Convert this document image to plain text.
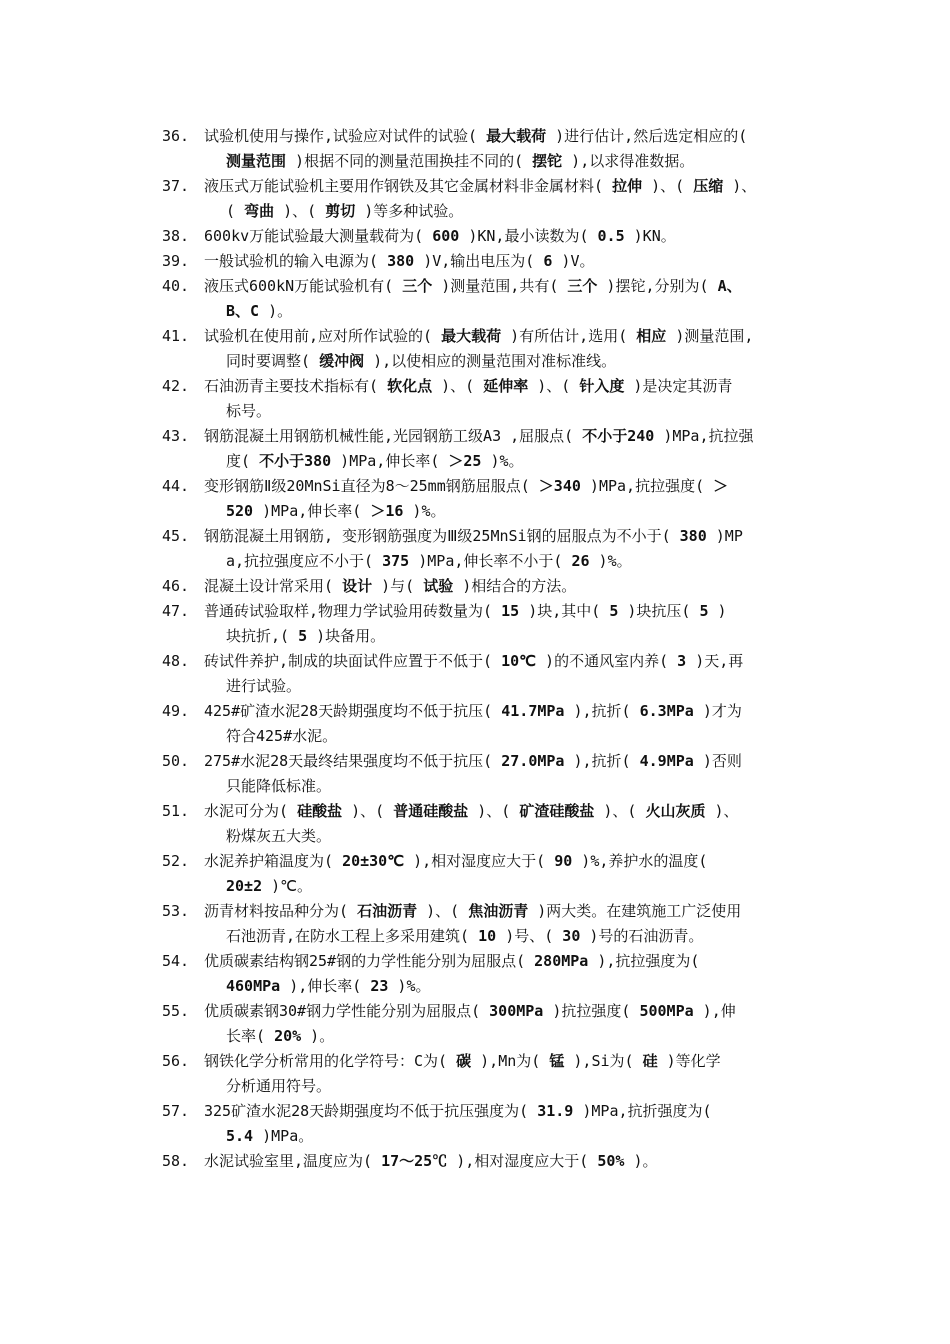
36. 试验机使用与操作,试验应对试件的试验( 最大载荷 )进行估计,然后选定相应的(
测量范围 )根据不同的测量范围换挂不同的( 摆铊 ),以求得准数据。
37. 液压式万能试验机主要用作钢铁及其它金属材料非金属材料( 拉伸 )、( 压缩 )、
( 弯曲 )、( 剪切 )等多种试验。
38. 600kv万能试验最大测量载荷为( 600 )KN,最小读数为( 0.5 )KN。
39. 一般试验机的输入电源为( 380 )V,输出电压为( 6 )V。
40. 液压式600kN万能试验机有( 三个 )测量范围,共有( 三个 )摆铊,分别为( A、
B、C )。
41. 试验机在使用前,应对所作试验的( 最大载荷 )有所估计,选用( 相应 )测量范围,
同时要调整( 缓冲阀 ),以使相应的测量范围对准标准线。
42. 石油沥青主要技术指标有( 软化点 )、( 延伸率 )、( 针入度 )是决定其沥青
标号。
43. 钢筋混凝土用钢筋机械性能,光园钢筋工级A3 ,屈服点( 不小于240 )MPa,抗拉强
度( 不小于380 )MPa,伸长率( ＞25 )%。
44. 变形钢筋Ⅱ级20MnSi直径为8～25mm钢筋屈服点( ＞340 )MPa,抗拉强度( ＞
520 )MPa,伸长率( ＞16 )%。
45. 钢筋混凝土用钢筋, 变形钢筋强度为Ⅲ级25MnSi钢的屈服点为不小于( 380 )MP
a,抗拉强度应不小于( 375 )MPa,伸长率不小于( 26 )%。
46. 混凝土设计常采用( 设计 )与( 试验 )相结合的方法。
47. 普通砖试验取样,物理力学试验用砖数量为( 15 )块,其中( 5 )块抗压( 5 )
块抗折,( 5 )块备用。
48. 砖试件养护,制成的块面试件应置于不低于( 10℃ )的不通风室内养( 3 )天,再
进行试验。
49. 425#矿渣水泥28天龄期强度均不低于抗压( 41.7MPa ),抗折( 6.3MPa )才为
符合425#水泥。
50. 275#水泥28天最终结果强度均不低于抗压( 27.0MPa ),抗折( 4.9MPa )否则
只能降低标准。
51. 水泥可分为( 硅酸盐 )、( 普通硅酸盐 )、( 矿渣硅酸盐 )、( 火山灰质 )、
粉煤灰五大类。
52. 水泥养护箱温度为( 20±30℃ ),相对湿度应大于( 90 )%,养护水的温度(
20±2 )℃。
53. 沥青材料按品种分为( 石油沥青 )、( 焦油沥青 )两大类。在建筑施工广泛使用
石池沥青,在防水工程上多采用建筑( 10 )号、( 30 )号的石油沥青。
54. 优质碳素结构钢25#钢的力学性能分别为屈服点( 280MPa ),抗拉强度为(
460MPa ),伸长率( 23 )%。
55. 优质碳素钢30#钢力学性能分别为屈服点( 300MPa )抗拉强度( 500MPa ),伸
长率( 20% )。
56. 钢铁化学分析常用的化学符号：C为( 碳 ),Mn为( 锰 ),Si为( 硅 )等化学
分析通用符号。
57. 325矿渣水泥28天龄期强度均不低于抗压强度为( 31.9 )MPa,抗折强度为(
5.4 )MPa。
58. 水泥试验室里,温度应为( 17～25℃ ),相对湿度应大于( 50% )。
